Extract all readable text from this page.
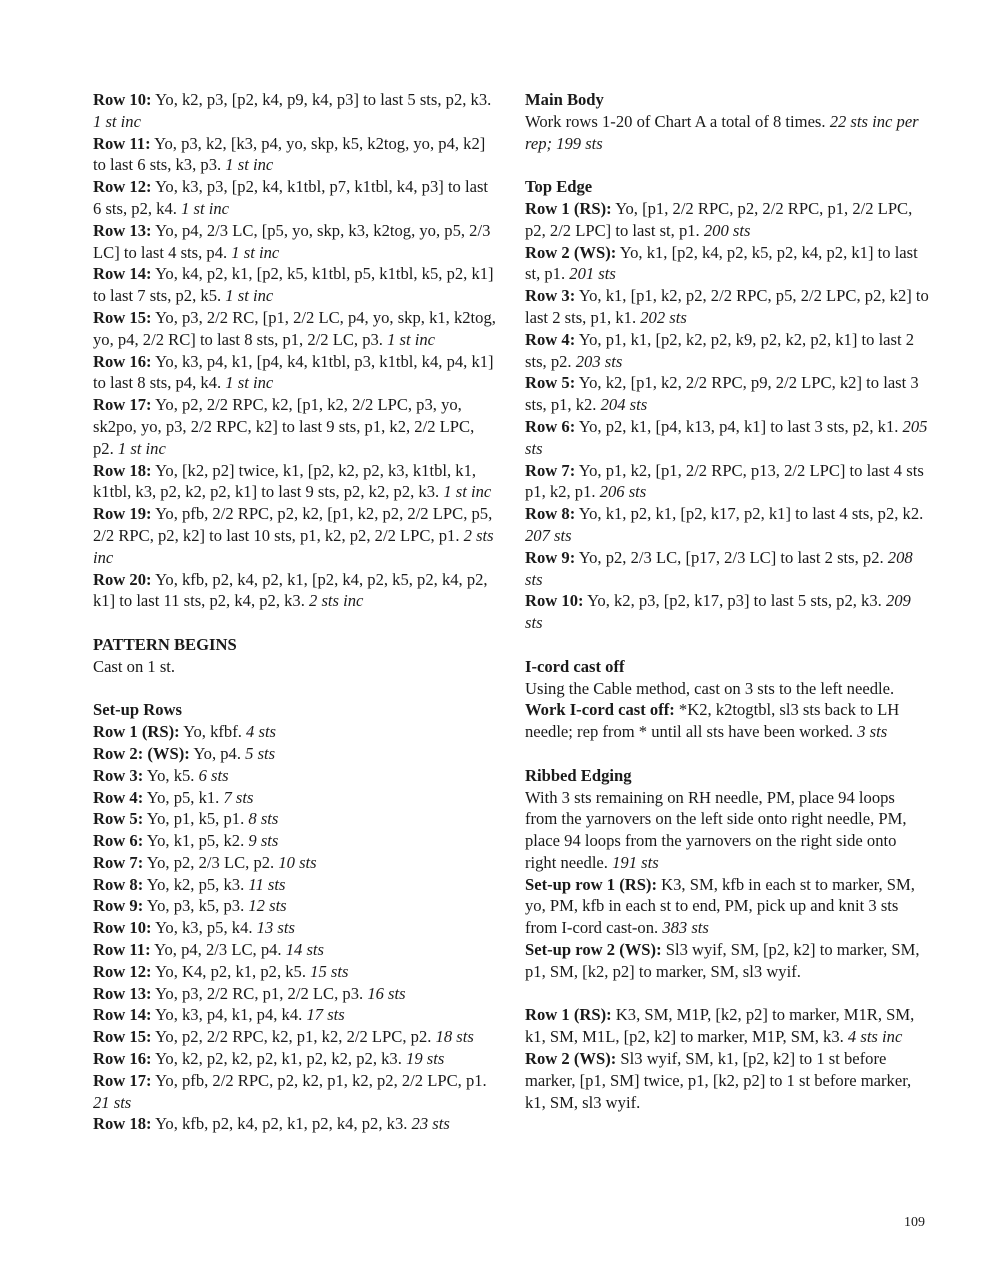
Row 10: Yo, k2, p3, [p2, k4, p9, k4, p3] to last 5 sts, p2, k3. 1 st inc
Row 11: Yo, p3, k2, [k3, p4, yo, skp, k5, k2tog, yo, p4, k2] to last 6 sts, k3, p3. 1 st inc
Row 12: Yo, k3, p3, [p2, k4, k1tbl, p7, k1tbl, k4, p3] to last 6 sts, p2, k4. 1 st inc
Row 13: Yo, p4, 2/3 LC, [p5, yo, skp, k3, k2tog, yo, p5, 2/3 LC] to last 4 sts, p4. 1 st inc
Row 14: Yo, k4, p2, k1, [p2, k5, k1tbl, p5, k1tbl, k5, p2, k1] to last 7 sts, p2, k5. 1 st inc
Row 15: Yo, p3, 2/2 RC, [p1, 2/2 LC, p4, yo, skp, k1, k2tog, yo, p4, 2/2 RC] to last 8 sts, p1, 2/2 LC, p3. 1 st inc
Row 16: Yo, k3, p4, k1, [p4, k4, k1tbl, p3, k1tbl, k4, p4, k1] to last 8 sts, p4, k4. 1 st inc
Row 17: Yo, p2, 2/2 RPC, k2, [p1, k2, 2/2 LPC, p3, yo, sk2po, yo, p3, 2/2 RPC, k2] to last 9 sts, p1, k2, 2/2 LPC, p2. 1 st inc
Row 18: Yo, [k2, p2] twice, k1, [p2, k2, p2, k3, k1tbl, k1, k1tbl, k3, p2, k2, p2, k1] to last 9 sts, p2, k2, p2, k3. 1 st inc
Row 19: Yo, pfb, 2/2 RPC, p2, k2, [p1, k2, p2, 2/2 LPC, p5, 2/2 RPC, p2, k2] to last 10 sts, p1, k2, p2, 2/2 LPC, p1. 2 sts inc
Row 20: Yo, kfb, p2, k4, p2, k1, [p2, k4, p2, k5, p2, k4, p2, k1] to last 11 sts, p2, k4, p2, k3. 2 sts inc
PATTERN BEGINS
Cast on 1 st.
Set-up Rows
Row 1 (RS): Yo, kfbf. 4 sts
Row 2: (WS): Yo, p4. 5 sts
Row 3: Yo, k5. 6 sts
Row 4: Yo, p5, k1. 7 sts
Row 5: Yo, p1, k5, p1. 8 sts
Row 6: Yo, k1, p5, k2. 9 sts
Row 7: Yo, p2, 2/3 LC, p2. 10 sts
Row 8: Yo, k2, p5, k3. 11 sts
Row 9: Yo, p3, k5, p3. 12 sts
Row 10: Yo, k3, p5, k4. 13 sts
Row 11: Yo, p4, 2/3 LC, p4. 14 sts
Row 12: Yo, K4, p2, k1, p2, k5. 15 sts
Row 13: Yo, p3, 2/2 RC, p1, 2/2 LC, p3. 16 sts
Row 14: Yo, k3, p4, k1, p4, k4. 17 sts
Row 15: Yo, p2, 2/2 RPC, k2, p1, k2, 2/2 LPC, p2. 18 sts
Row 16: Yo, k2, p2, k2, p2, k1, p2, k2, p2, k3. 19 sts
Row 17: Yo, pfb, 2/2 RPC, p2, k2, p1, k2, p2, 2/2 LPC, p1. 21 sts
Row 18: Yo, kfb, p2, k4, p2, k1, p2, k4, p2, k3. 23 sts
Main Body
Work rows 1-20 of Chart A a total of 8 times. 22 sts inc per rep; 199 sts
Top Edge
Row 1 (RS): Yo, [p1, 2/2 RPC, p2, 2/2 RPC, p1, 2/2 LPC, p2, 2/2 LPC] to last st, p1. 200 sts
Row 2 (WS): Yo, k1, [p2, k4, p2, k5, p2, k4, p2, k1] to last st, p1. 201 sts
Row 3: Yo, k1, [p1, k2, p2, 2/2 RPC, p5, 2/2 LPC, p2, k2] to last 2 sts, p1, k1. 202 sts
Row 4: Yo, p1, k1, [p2, k2, p2, k9, p2, k2, p2, k1] to last 2 sts, p2. 203 sts
Row 5: Yo, k2, [p1, k2, 2/2 RPC, p9, 2/2 LPC, k2] to last 3 sts, p1, k2. 204 sts
Row 6: Yo, p2, k1, [p4, k13, p4, k1] to last 3 sts, p2, k1. 205 sts
Row 7: Yo, p1, k2, [p1, 2/2 RPC, p13, 2/2 LPC] to last 4 sts p1, k2, p1. 206 sts
Row 8: Yo, k1, p2, k1, [p2, k17, p2, k1] to last 4 sts, p2, k2. 207 sts
Row 9: Yo, p2, 2/3 LC, [p17, 2/3 LC] to last 2 sts, p2. 208 sts
Row 10: Yo, k2, p3, [p2, k17, p3] to last 5 sts, p2, k3. 209 sts
I-cord cast off
Using the Cable method, cast on 3 sts to the left needle.
Work I-cord cast off: *K2, k2togtbl, sl3 sts back to LH needle; rep from * until all sts have been worked. 3 sts
Ribbed Edging
With 3 sts remaining on RH needle, PM, place 94 loops from the yarnovers on the left side onto right needle, PM, place 94 loops from the yarnovers on the right side onto right needle. 191 sts
Set-up row 1 (RS): K3, SM, kfb in each st to marker, SM, yo, PM, kfb in each st to end, PM, pick up and knit 3 sts from I-cord cast-on. 383 sts
Set-up row 2 (WS): Sl3 wyif, SM, [p2, k2] to marker, SM, p1, SM, [k2, p2] to marker, SM, sl3 wyif.
Row 1 (RS): K3, SM, M1P, [k2, p2] to marker, M1R, SM, k1, SM, M1L, [p2, k2] to marker, M1P, SM, k3. 4 sts inc
Row 2 (WS): Sl3 wyif, SM, k1, [p2, k2] to 1 st before marker, [p1, SM] twice, p1, [k2, p2] to 1 st before marker, k1, SM, sl3 wyif.
109
